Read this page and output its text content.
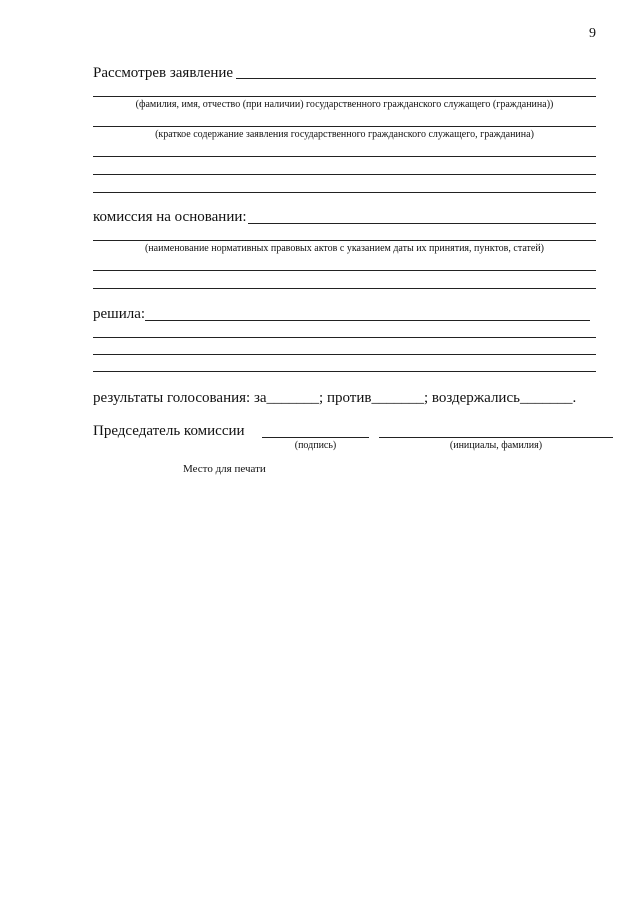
9
Рассмотрев заявление
(фамилия, имя, отчество (при наличии) государственного гражданского служащего (гражданина))
(краткое содержание заявления государственного гражданского служащего, гражданина)
комиссия на основании:
(наименование нормативных правовых актов с указанием даты их принятия, пунктов, статей)
решила:
результаты голосования: за_______; против_______; воздержались_______.
Председатель комиссии
(подпись)	(инициалы, фамилия)
Место для печати
